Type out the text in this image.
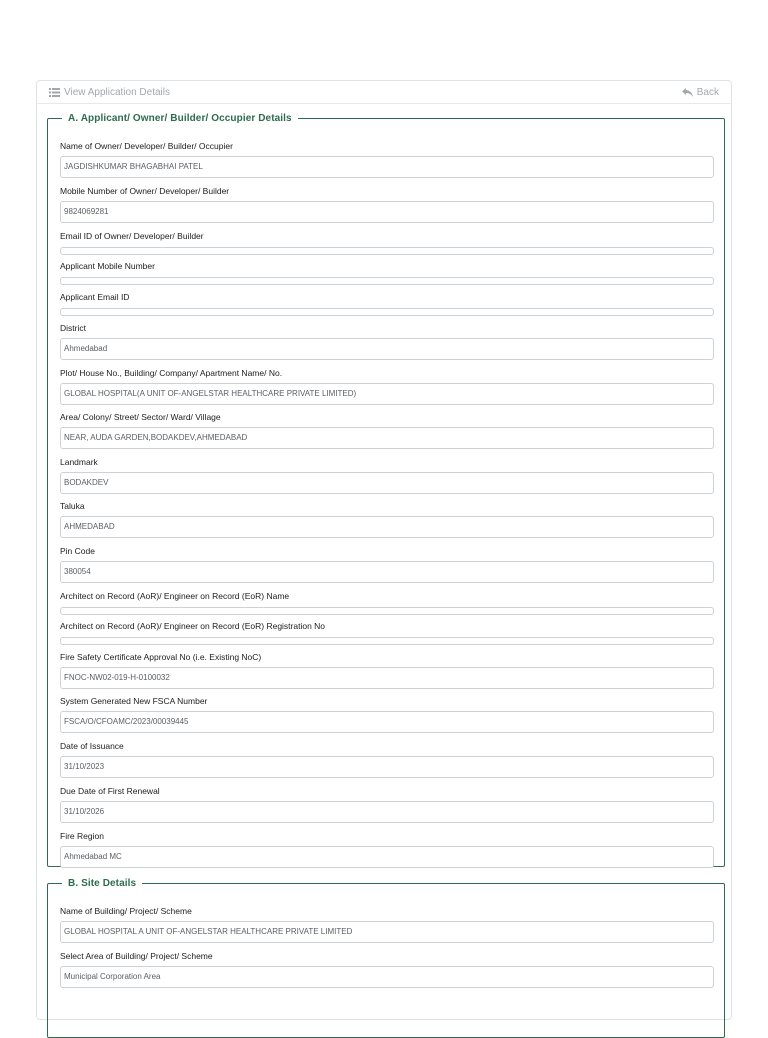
View Application Details	Back
A. Applicant/ Owner/ Builder/ Occupier Details
Name of Owner/ Developer/ Builder/ Occupier
JAGDISHKUMAR BHAGABHAI PATEL
Mobile Number of Owner/ Developer/ Builder
9824069281
Email ID of Owner/ Developer/ Builder
Applicant Mobile Number
Applicant Email ID
District
Ahmedabad
Plot/ House No., Building/ Company/ Apartment Name/ No.
GLOBAL HOSPITAL(A UNIT OF-ANGELSTAR HEALTHCARE PRIVATE LIMITED)
Area/ Colony/ Street/ Sector/ Ward/ Village
NEAR, AUDA GARDEN,BODAKDEV,AHMEDABAD
Landmark
BODAKDEV
Taluka
AHMEDABAD
Pin Code
380054
Architect on Record (AoR)/ Engineer on Record (EoR) Name
Architect on Record (AoR)/ Engineer on Record (EoR) Registration No
Fire Safety Certificate Approval No (i.e. Existing NoC)
FNOC-NW02-019-H-0100032
System Generated New FSCA Number
FSCA/O/CFOAMC/2023/00039445
Date of Issuance
31/10/2023
Due Date of First Renewal
31/10/2026
Fire Region
Ahmedabad MC
B. Site Details
Name of Building/ Project/ Scheme
GLOBAL HOSPITAL A UNIT OF-ANGELSTAR HEALTHCARE PRIVATE LIMITED
Select Area of Building/ Project/ Scheme
Municipal Corporation Area
